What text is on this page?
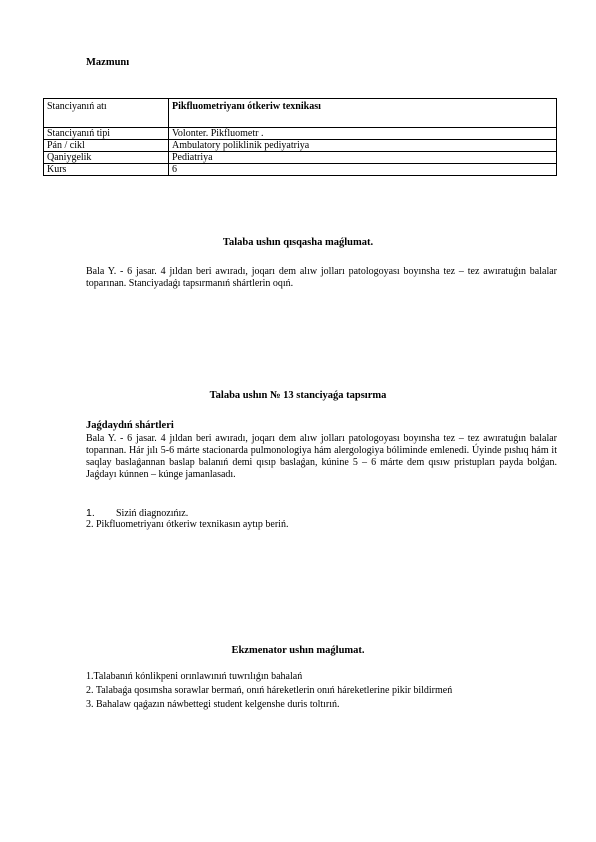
Mazmunı
Stanciyanıń atı	Pikfluometriyanı ótkeriw texnikası
Stanciyanıń tipi	Volonter. Pikfluometr .
Pán / cikl	Ambulatory poliklinik pediyatriya
Qaniygelik	Pediatriya
Kurs	6
Talaba ushın qısqasha maǵlumat.
Bala Y. - 6 jasar. 4 jıldan beri awıradı, joqarı dem alıw jolları patologoyası boyınsha tez – tez awıratuǵın balalar toparınan. Stanciyadaǵı tapsırmanıń shártlerin oqıń.
Talaba ushın № 13 stanciyaǵa tapsırma
Jaǵdaydıń shártleri
Bala Y. - 6 jasar. 4 jıldan beri awıradı, joqarı dem alıw jolları patologoyası boyınsha tez – tez awıratuǵın balalar toparınan. Hár jılı 5-6 márte stacionarda pulmonologiya hám alergologiya bóliminde emlenedi. Úyinde pıshıq hám it saqlay baslaǵannan baslap balanıń demi qısıp baslaǵan, kúnine 5 – 6 márte dem qısıw pristupları payda bolǵan. Jaǵdayı kúnnen – kúnge jamanlasadı.
1. Siziń diagnozıńız.
2. Pikfluometriyanı ótkeriw texnikasın aytıp beriń.
Ekzmenator ushın maǵlumat.
1.Talabanıń kónlikpeni orınlawınıń tuwrılıǵın bahalań
2. Talabaǵa qosımsha sorawlar bermań, onıń háreketlerin onıń háreketlerine pikir bildirmeń
3. Bahalaw qaǵazın náwbettegi student kelgenshe duris toltırıń.
